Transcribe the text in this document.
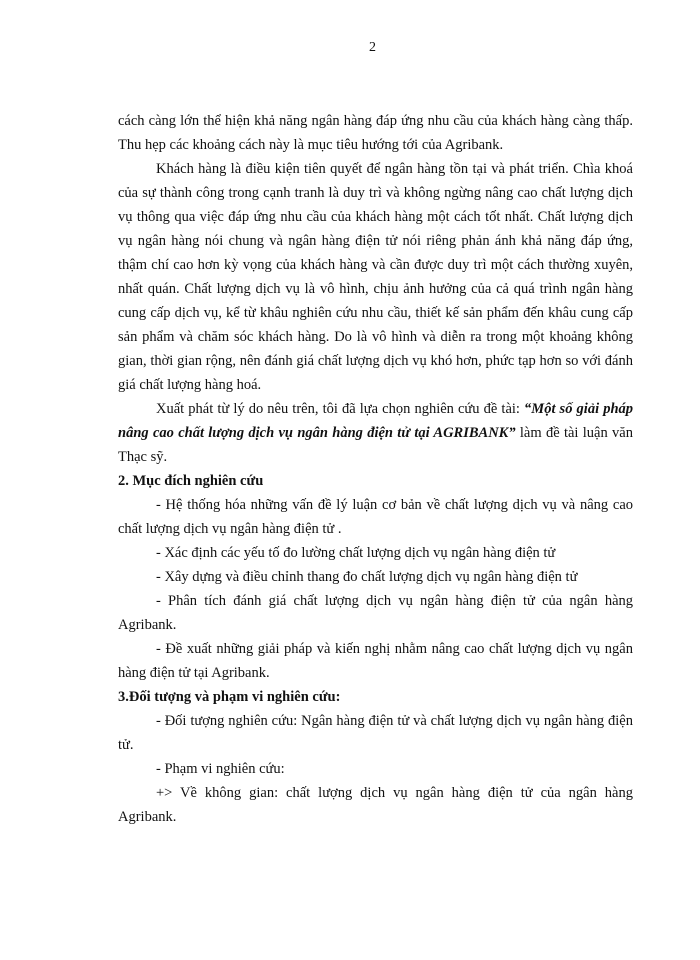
2

cách càng lớn thể hiện khả năng ngân hàng đáp ứng nhu cầu của khách hàng càng thấp. Thu hẹp các khoảng cách này là mục tiêu hướng tới của Agribank.

Khách hàng là điều kiện tiên quyết để ngân hàng tồn tại và phát triển. Chìa khoá của sự thành công trong cạnh tranh là duy trì và không ngừng nâng cao chất lượng dịch vụ thông qua việc đáp ứng nhu cầu của khách hàng một cách tốt nhất. Chất lượng dịch vụ ngân hàng nói chung và ngân hàng điện tử nói riêng phản ánh khả năng đáp ứng, thậm chí cao hơn kỳ vọng của khách hàng và cần được duy trì một cách thường xuyên, nhất quán. Chất lượng dịch vụ là vô hình, chịu ảnh hưởng của cả quá trình ngân hàng cung cấp dịch vụ, kể từ khâu nghiên cứu nhu cầu, thiết kế sản phẩm đến khâu cung cấp sản phẩm và chăm sóc khách hàng. Do là vô hình và diễn ra trong một khoảng không gian, thời gian rộng, nên đánh giá chất lượng dịch vụ khó hơn, phức tạp hơn so với đánh giá chất lượng hàng hoá.

Xuất phát từ lý do nêu trên, tôi đã lựa chọn nghiên cứu đề tài: “Một số giải pháp nâng cao chất lượng dịch vụ ngân hàng điện tử tại AGRIBANK” làm đề tài luận văn Thạc sỹ.

2. Mục đích nghiên cứu

- Hệ thống hóa những vấn đề lý luận cơ bản về chất lượng dịch vụ và nâng cao chất lượng dịch vụ ngân hàng điện tử .

- Xác định các yếu tố đo lường chất lượng dịch vụ ngân hàng điện tử

- Xây dựng và điều chỉnh thang đo chất lượng dịch vụ ngân hàng điện tử

- Phân tích đánh giá chất lượng dịch vụ ngân hàng điện tử của ngân hàng Agribank.

- Đề xuất những giải pháp và kiến nghị nhằm nâng cao chất lượng dịch vụ ngân hàng điện tử tại Agribank.

3.Đối tượng và phạm vi nghiên cứu:

- Đối tượng nghiên cứu: Ngân hàng điện tử và chất lượng dịch vụ ngân hàng điện tử.

- Phạm vi nghiên cứu:

+> Về không gian: chất lượng dịch vụ ngân hàng điện tử của ngân hàng Agribank.
